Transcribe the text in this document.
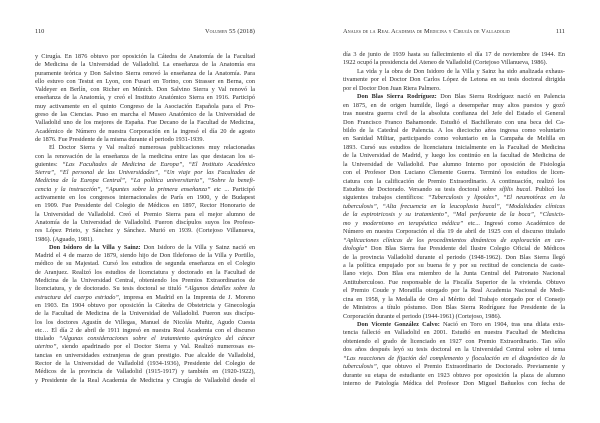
110	Volumen 55 (2018)
y Cirugía. En 1876 obtuvo por oposición la Cátedra de Anatomía de la Facultad
de Medicina de la Universidad de Valladolid. La enseñanza de la Anatomía era
puramente teórica y Don Salvino Sierra renovó la enseñanza de la Anatomía. Para
ello estuvo con Testut en Lyon, con Fusari en Torino, con Strasser en Berna, con
Valdeyer en Berlín, con Richer en Múnich. Don Salvino Sierra y Val renovó la
enseñanza de la Anatomía, y creó el Instituto Anatómico Sierra en 1916. Participó
muy activamente en el quinto Congreso de la Asociación Española para el Pro-
greso de las Ciencias. Puso en marcha el Museo Anatómico de la Universidad de
Valladolid uno de los mejores de España. Fue Decano de la Facultad de Medicina,
Académico de Número de nuestra Corporación en la ingresó el día 20 de agosto
de 1876. Fue Presidente de la misma durante el periodo 1931-1939.
El Doctor Sierra y Val realizó numerosas publicaciones muy relacionadas
con la renovación de la enseñanza de la medicina entre las que destacan los si-
guientes: “Las Facultades de Medicina de Europa”, “El Instituto Académico
Sierra”, “El personal de las Universidades”, “Un viaje por las Facultades de
Medicina de la Europa Central”, “La política universitaria”, “Sobre la benefi-
cencia y la instrucción”, “Apuntes sobre la primera enseñanza” etc ... Participó
activamente en los congresos internacionales de París en 1900, y de Budapest
en 1909. Fue Presidente del Colegio de Médicos en 1897, Rector Honorario de
la Universidad de Valladolid. Creó el Premio Sierra para el mejor alumno de
Anatomía de la Universidad de Valladolid. Fueron discípulos suyos los Profeso-
res López Prieto, y Sánchez y Sánchez. Murió en 1939. (Cortejoso Villanueva,
1986). (Aguado, 1981).
Don Isidoro de la Villa y Sainz: Don Isidoro de la Villa y Sainz nació en
Madrid el 4 de marzo de 1879, siendo hijo de Don Ildefonso de la Villa y Portillo,
médico de su Majestad. Cursó los estudios de segunda enseñanza en el Colegio
de Aranjuez. Realizó los estudios de licenciatura y doctorado en la Facultad de
Medicina de la Universidad Central, obteniendo los Premios Extraordinarios de
licenciatura, y de doctorado. Su tesis doctoral se tituló “Algunos detalles sobre la
estructura del cuerpo estriado”, impresa en Madrid en la Imprenta de J. Moreno
en 1903. En 1904 obtuvo por oposición la Cátedra de Obstetricia y Ginecología
de la Facultad de Medicina de la Universidad de Valladolid. Fueron sus discípu-
los los doctores Agustín de Villegas, Manuel de Nicolás Muñiz, Agudo Cuesta
etc… El día 2 de abril de 1911 ingresó en nuestra Real Academia con el discurso
titulado “Algunas consideraciones sobre el tratamiento quirúrgico del cáncer
uterino”, siendo apadrinado por el Doctor Sierra y Val. Realizó numerosas es-
tancias en universidades extranjeras de gran prestigio. Fue alcalde de Valladolid,
Rector de la Universidad de Valladolid (1934-1936), Presidente del Colegio de
Médicos de la provincia de Valladolid (1915-1917) y también en (1920-1922),
y Presidente de la Real Academia de Medicina y Cirugía de Valladolid desde el
Anales de la Real Academia de Medicina y Cirugía de Valladolid	111
día 3 de junio de 1939 hasta su fallecimiento el día 17 de noviembre de 1944. En
1922 ocupó la presidencia del Ateneo de Valladolid (Cortejoso Villanueva, 1986).
La vida y la obra de Don Isidoro de la Villa y Sainz ha sido analizada exhaus-
tivamente por el Doctor Don Carlos López de Letona en su tesis doctoral dirigida
por el Doctor Don Juan Riera Palmero.
Don Blas Sierra Rodríguez: Don Blas Sierra Rodríguez nació en Palencia
en 1875, en de origen humilde, llegó a desempeñar muy altos puestos y gozó
tras nuestra guerra civil de la absoluta confianza del Jefe del Estado el General
Don Francisco Franco Bahamonde. Estudió el Bachillerato con una beca del Ca-
bildo de la Catedral de Palencia. A los dieciocho años ingresa como voluntario
en Sanidad Militar, participando como voluntario en la Campaña de Melilla en
1893. Cursó sus estudios de licenciatura inicialmente en la Facultad de Medicina
de la Universidad de Madrid, y luego los continúo en la facultad de Medicina de
la Universidad de Valladolid. Fue alumno Interno por oposición de Fisiología
con el Profesor Don Luciano Clemente Guerra. Terminó los estudios de licen-
ciatura con la calificación de Premio Extraordinario. A continuación, realizó los
Estudios de Doctorado. Versando su tesis doctoral sobre sífilis bucal. Publicó los
siguientes trabajos científicos: “Tuberculosis y lipoides”, “El neumotórax en la
tuberculosis”, “Alta frecuencia en la leucoplasia bucal”, “Modalidades clínicas
de la espirotricosis y su tratamiento”, “Mal perforante de la boca”, “Clasicis-
mo y modernismo en terapéutica médica” etc... Ingresó como Académico de
Número en nuestra Corporación el día 19 de abril de 1925 con el discurso titulado
“Aplicaciones clínicas de los procedimientos dinámicos de exploración en car-
diología” Don Blas Sierra fue Presidente del Ilustre Colegio Oficial de Médicos
de la provincia Valladolid durante el periodo (1948-1962). Don Blas Sierra llegó
a la política empujado por su buena fe y por su rectitud de conciencia de caste-
llano viejo. Don Blas era miembro de la Junta Central del Patronato Nacional
Antituberculoso. Fue responsable de la Fiscalía Superior de la vivienda. Obtuvo
el Premio Coude y Moratilla otorgado por la Real Academia Nacional de Medi-
cina en 1958, y la Medalla de Oro al Mérito del Trabajo otorgado por el Consejo
de Ministros a título póstumo. Don Blas Sierra Rodríguez fue Presidente de la
Corporación durante el periodo (1944-1961) (Cortejoso, 1986).
Don Vicente González Calvo: Nació en Toro en 1904, tras una dilata exis-
tencia falleció en Valladolid en 2001. Estudió en nuestra Facultad de Medicina
obteniendo el grado de licenciado en 1927 con Premio Extraordinario. Tan sólo
dos años después leyó su tesis doctoral en la Universidad Central sobre el tema
“Las reacciones de fijación del complemento y floculación en el diagnóstico de la
tuberculosis”, que obtuvo el Premio Extraordinario de Doctorado. Previamente y
durante su etapa de estudiante en 1923 obtuvo por oposición la plaza de alumno
interno de Patología Médica del Profesor Don Miguel Bañuelos con fecha de
